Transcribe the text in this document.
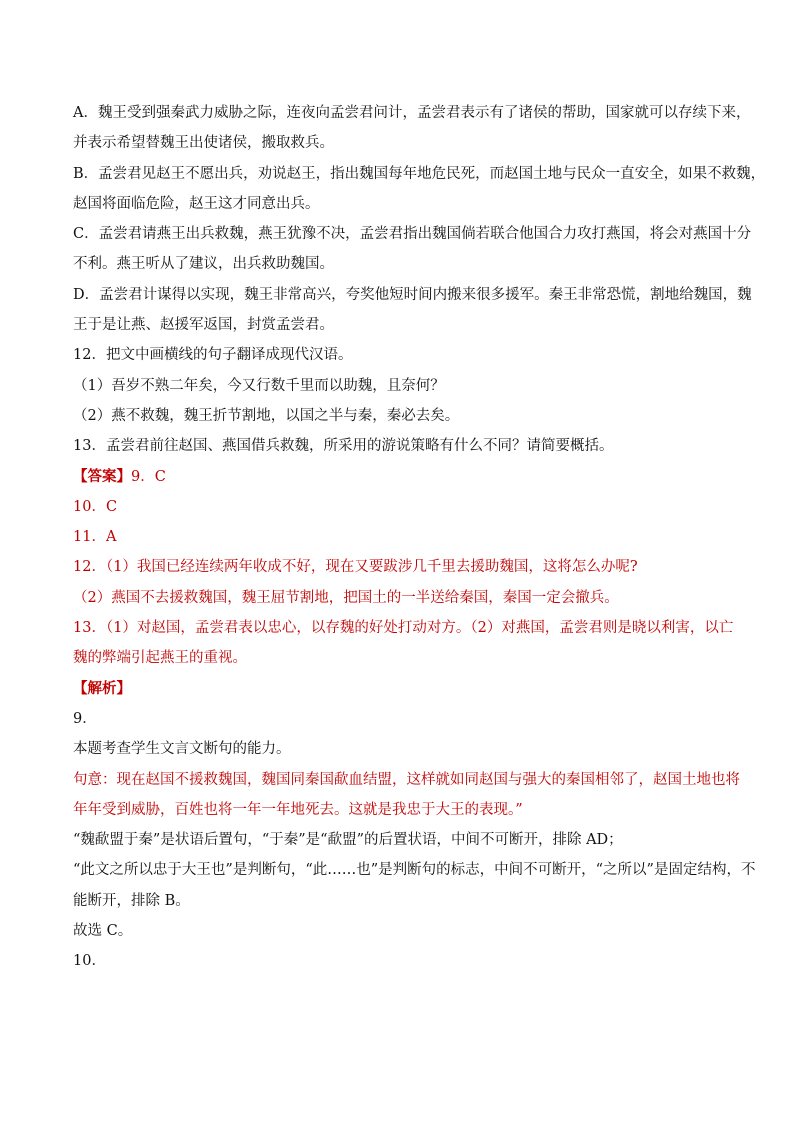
A．魏王受到强秦武力威胁之际，连夜向孟尝君问计，孟尝君表示有了诸侯的帮助，国家就可以存续下来，
并表示希望替魏王出使诸侯，搬取救兵。
B．孟尝君见赵王不愿出兵，劝说赵王，指出魏国每年地危民死，而赵国土地与民众一直安全，如果不救魏，
赵国将面临危险，赵王这才同意出兵。
C．孟尝君请燕王出兵救魏，燕王犹豫不决，孟尝君指出魏国倘若联合他国合力攻打燕国，将会对燕国十分
不利。燕王听从了建议，出兵救助魏国。
D．孟尝君计谋得以实现，魏王非常高兴，夸奖他短时间内搬来很多援军。秦王非常恐慌，割地给魏国，魏
王于是让燕、赵援军返国，封赏孟尝君。
12．把文中画横线的句子翻译成现代汉语。
（1）吾岁不熟二年矣，今又行数千里而以助魏，且奈何？
（2）燕不救魏，魏王折节割地，以国之半与秦，秦必去矣。
13．孟尝君前往赵国、燕国借兵救魏，所采用的游说策略有什么不同？请简要概括。
【答案】9．C
10．C
11．A
12．（1）我国已经连续两年收成不好，现在又要跋涉几千里去援助魏国，这将怎么办呢?
（2）燕国不去援救魏国，魏王屈节割地，把国土的一半送给秦国，秦国一定会撤兵。
13．（1）对赵国，孟尝君表以忠心，以存魏的好处打动对方。（2）对燕国，孟尝君则是晓以利害，以亡
魏的弊端引起燕王的重视。
【解析】
9．
本题考查学生文言文断句的能力。
句意：现在赵国不援救魏国，魏国同秦国歃血结盟，这样就如同赵国与强大的秦国相邻了，赵国土地也将
年年受到威胁，百姓也将一年一年地死去。这就是我忠于大王的表现。”
“魏歃盟于秦”是状语后置句，“于秦”是“歃盟”的后置状语，中间不可断开，排除 AD；
“此文之所以忠于大王也”是判断句，“此……也”是判断句的标志，中间不可断开，“之所以”是固定结构，不
能断开，排除 B。
故选 C。
10．
